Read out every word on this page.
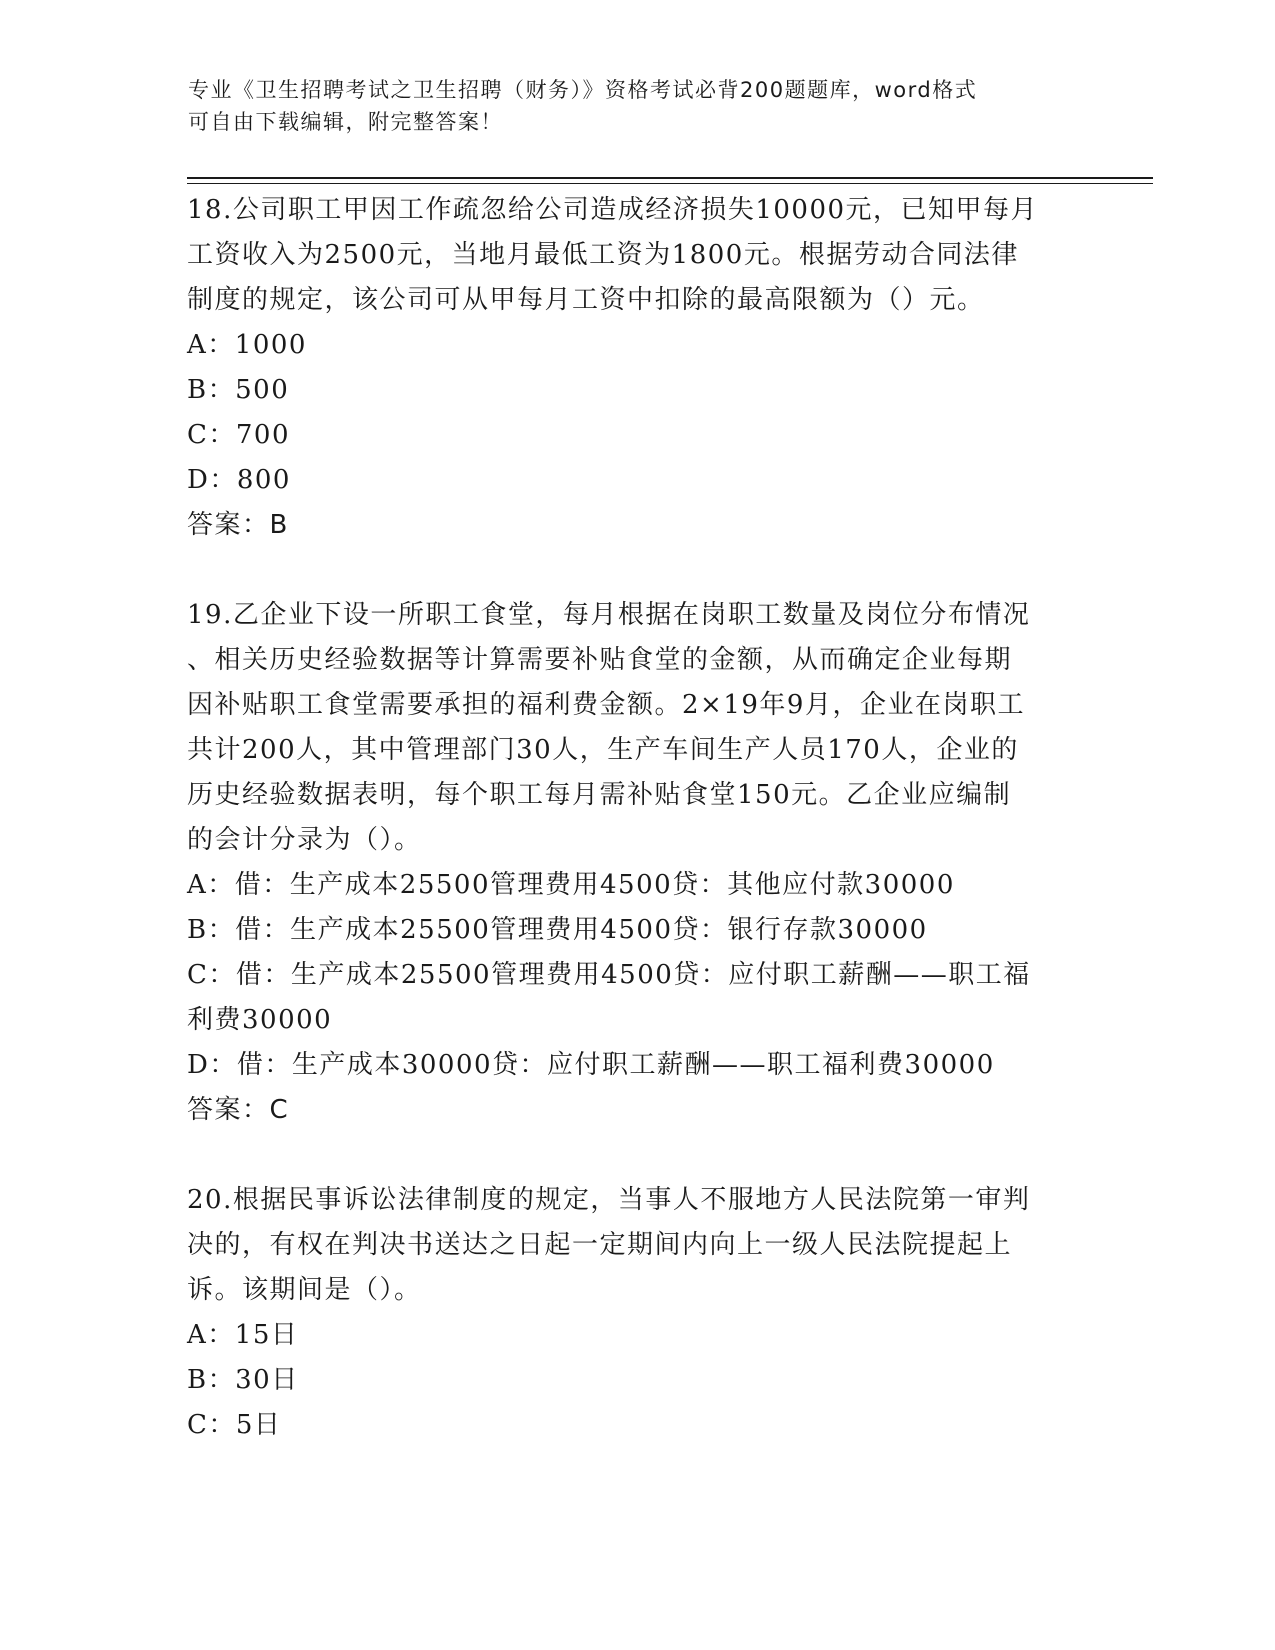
专业《卫生招聘考试之卫生招聘（财务）》资格考试必背200题题库，word格式
可自由下载编辑，附完整答案！
18.公司职工甲因工作疏忽给公司造成经济损失10000元，已知甲每月
工资收入为2500元，当地月最低工资为1800元。根据劳动合同法律
制度的规定，该公司可从甲每月工资中扣除的最高限额为（）元。
A：1000
B：500
C：700
D：800
答案：B
19.乙企业下设一所职工食堂，每月根据在岗职工数量及岗位分布情况
、相关历史经验数据等计算需要补贴食堂的金额，从而确定企业每期
因补贴职工食堂需要承担的福利费金额。2×19年9月，企业在岗职工
共计200人，其中管理部门30人，生产车间生产人员170人，企业的
历史经验数据表明，每个职工每月需补贴食堂150元。乙企业应编制
的会计分录为（）。
A：借：生产成本25500管理费用4500贷：其他应付款30000
B：借：生产成本25500管理费用4500贷：银行存款30000
C：借：生产成本25500管理费用4500贷：应付职工薪酬——职工福
利费30000
D：借：生产成本30000贷：应付职工薪酬——职工福利费30000
答案：C
20.根据民事诉讼法律制度的规定，当事人不服地方人民法院第一审判
决的，有权在判决书送达之日起一定期间内向上一级人民法院提起上
诉。该期间是（）。
A：15日
B：30日
C：5日
